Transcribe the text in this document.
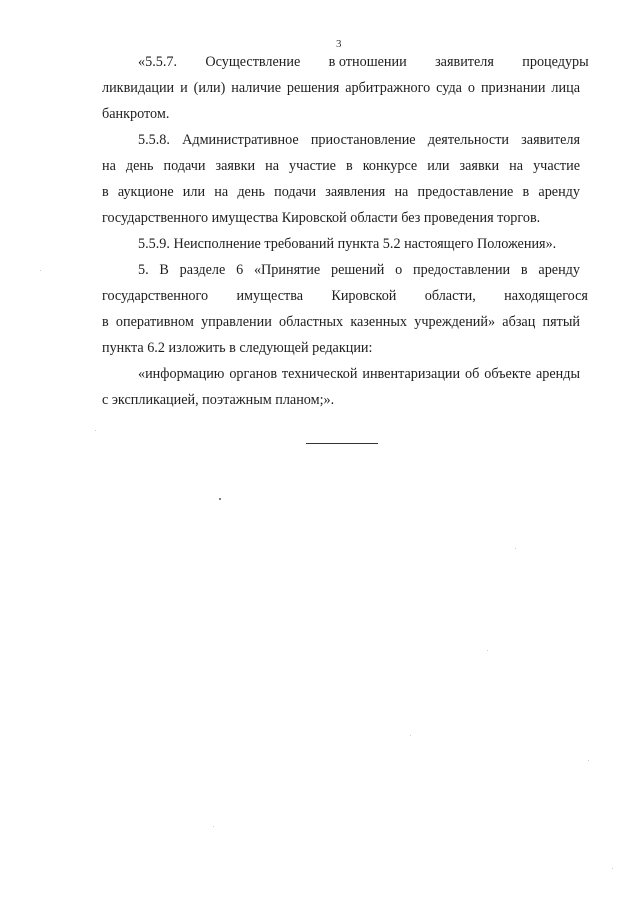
3
«5.5.7.        Осуществление        в отношении        заявителя        процедуры
ликвидации и (или) наличие решения арбитражного суда о признании лица
банкротом.
5.5.8. Административное приостановление деятельности заявителя
на день подачи заявки на участие в конкурсе или заявки на участие
в аукционе или на день подачи заявления на предоставление в аренду
государственного имущества Кировской области без проведения торгов.
5.5.9. Неисполнение требований пункта 5.2 настоящего Положения».
5. В разделе 6 «Принятие решений о предоставлении в аренду
государственного        имущества        Кировской        области,        находящегося
в оперативном управлении областных казенных учреждений» абзац пятый
пункта 6.2 изложить в следующей редакции:
«информацию органов технической инвентаризации об объекте аренды
с экспликацией, поэтажным планом;».
